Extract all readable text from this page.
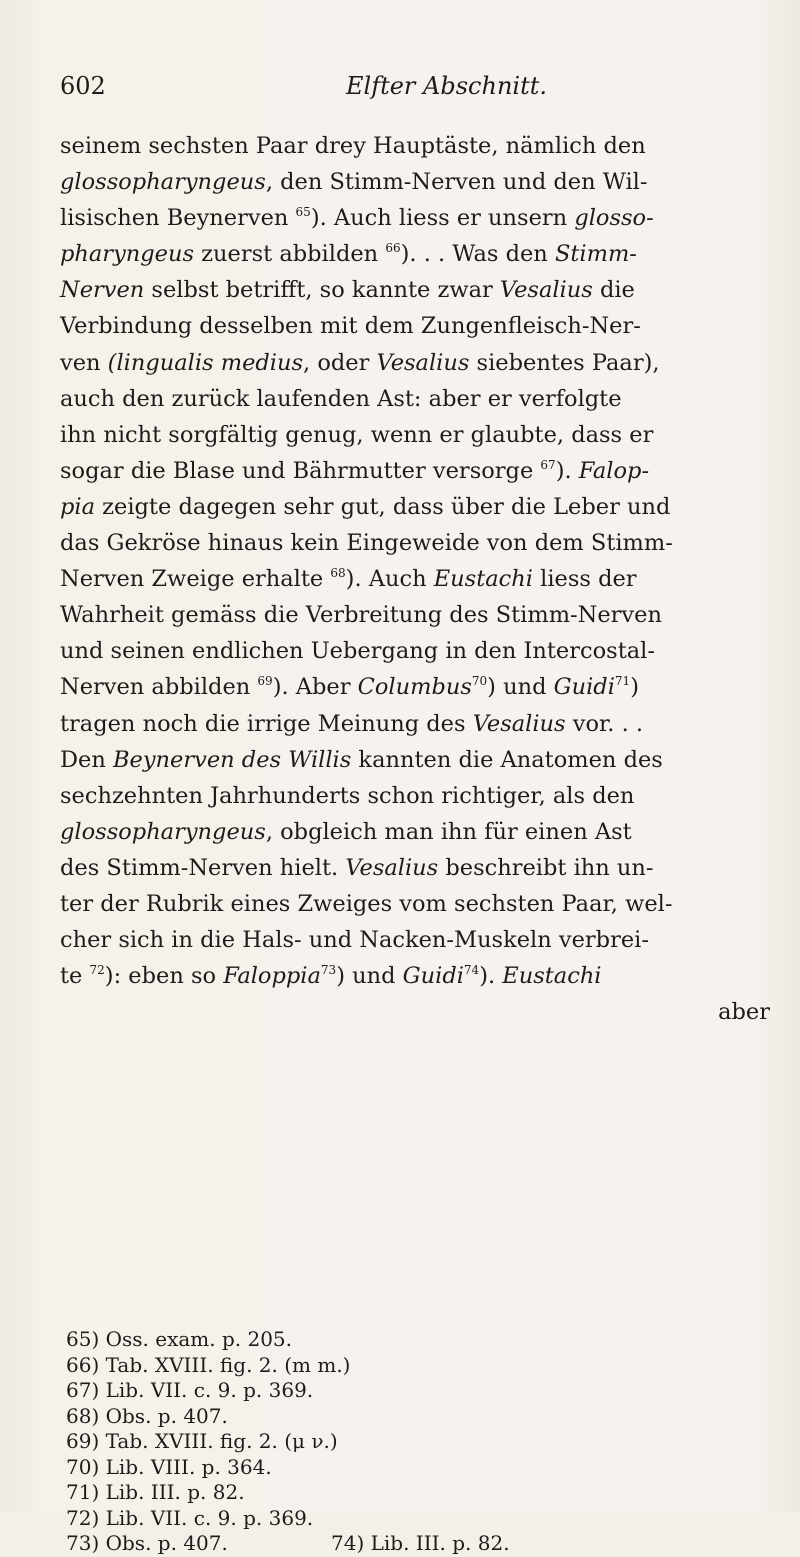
602	Elfter Abschnitt.
seinem sechsten Paar drey Hauptäste, nämlich den
glossopharyngeus, den Stimm-Nerven und den Wil-
lisischen Beynerven $^{65}$). Auch liess er unsern glosso-
pharyngeus zuerst abbilden $^{66}$). . . Was den Stimm-
Nerven selbst betrifft, so kannte zwar Vesalius die
Verbindung desselben mit dem Zungenfleisch-Ner-
ven (lingualis medius, oder Vesalius siebentes Paar),
auch den zurück laufenden Ast: aber er verfolgte
ihn nicht sorgfältig genug, wenn er glaubte, dass er
sogar die Blase und Bährmutter versorge $^{67}$). Falop-
pia zeigte dagegen sehr gut, dass über die Leber und
das Gekröse hinaus kein Eingeweide von dem Stimm-
Nerven Zweige erhalte $^{68}$). Auch Eustachi liess der
Wahrheit gemäss die Verbreitung des Stimm-Nerven
und seinen endlichen Uebergang in den Intercostal-
Nerven abbilden $^{69}$). Aber Columbus$^{70}$) und Guidi$^{71}$)
tragen noch die irrige Meinung des Vesalius vor. . .
Den Beynerven des Willis kannten die Anatomen des
sechzehnten Jahrhunderts schon richtiger, als den
glossopharyngeus, obgleich man ihn für einen Ast
des Stimm-Nerven hielt. Vesalius beschreibt ihn un-
ter der Rubrik eines Zweiges vom sechsten Paar, wel-
cher sich in die Hals- und Nacken-Muskeln verbrei-
te $^{72}$): eben so Faloppia$^{73}$) und Guidi$^{74}$). Eustachi
aber
65) Oss. exam. p. 205.
66) Tab. XVIII. fig. 2. (m m.)
67) Lib. VII. c. 9. p. 369.
68) Obs. p. 407.
69) Tab. XVIII. fig. 2. (μ ν.)
70) Lib. VIII. p. 364.
71) Lib. III. p. 82.
72) Lib. VII. c. 9. p. 369.
73) Obs. p. 407.	74) Lib. III. p. 82.
